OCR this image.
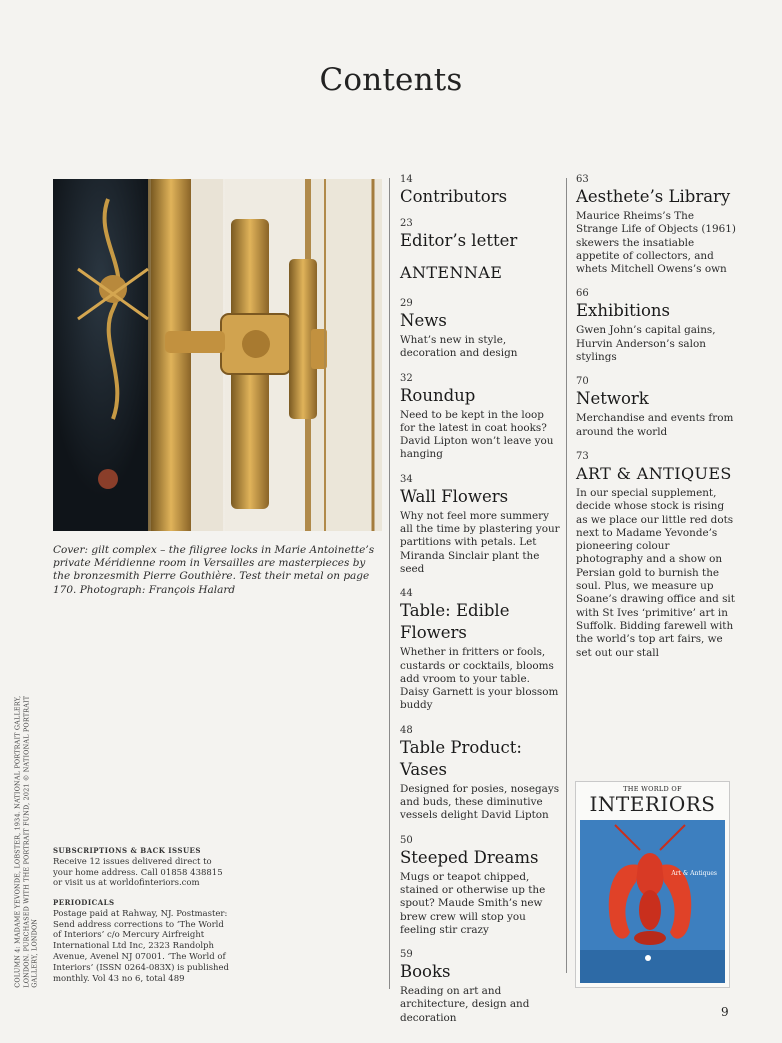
Contents
Cover: gilt complex – the filigree locks in Marie Antoinette’s private Méridienne room in Versailles are masterpieces by the bronzesmith Pierre Gouthière. Test their metal on page 170. Photograph: François Halard
COLUMN 4: MADAME YEVONDE, LOBSTER, 1934. NATIONAL PORTRAIT GALLERY, LONDON. PURCHASED WITH THE PORTRAIT FUND, 2021 © NATIONAL PORTRAIT GALLERY, LONDON
SUBSCRIPTIONS & BACK ISSUES
Receive 12 issues delivered direct to your home address. Call 01858 438815 or visit us at worldofinteriors.com
PERIODICALS
Postage paid at Rahway, NJ. Postmaster: Send address corrections to ‘The World of Interiors’ c/o Mercury Airfreight International Ltd Inc, 2323 Randolph Avenue, Avenel NJ 07001. ‘The World of Interiors’ (ISSN 0264-083X) is published monthly. Vol 43 no 6, total 489
14
Contributors
23
Editor’s letter
ANTENNAE
29
News
What’s new in style, decoration and design
32
Roundup
Need to be kept in the loop for the latest in coat hooks? David Lipton won’t leave you hanging
34
Wall Flowers
Why not feel more summery all the time by plastering your partitions with petals. Let Miranda Sinclair plant the seed
44
Table: Edible Flowers
Whether in fritters or fools, custards or cocktails, blooms add vroom to your table. Daisy Garnett is your blossom buddy
48
Table Product: Vases
Designed for posies, nosegays and buds, these diminutive vessels delight David Lipton
50
Steeped Dreams
Mugs or teapot chipped, stained or otherwise up the spout? Maude Smith’s new brew crew will stop you feeling stir crazy
59
Books
Reading on art and architecture, design and decoration
63
Aesthete’s Library
Maurice Rheims’s The Strange Life of Objects (1961) skewers the insatiable appetite of collectors, and whets Mitchell Owens’s own
66
Exhibitions
Gwen John’s capital gains, Hurvin Anderson’s salon stylings
70
Network
Merchandise and events from around the world
73
ART & ANTIQUES
In our special supplement, decide whose stock is rising as we place our little red dots next to Madame Yevonde’s pioneering colour photography and a show on Persian gold to burnish the soul. Plus, we measure up Soane’s drawing office and sit with St Ives ‘primitive’ art in Suffolk. Bidding farewell with the world’s top art fairs, we set out our stall
THE WORLD OF
INTERIORS
Art & Antiques
9
